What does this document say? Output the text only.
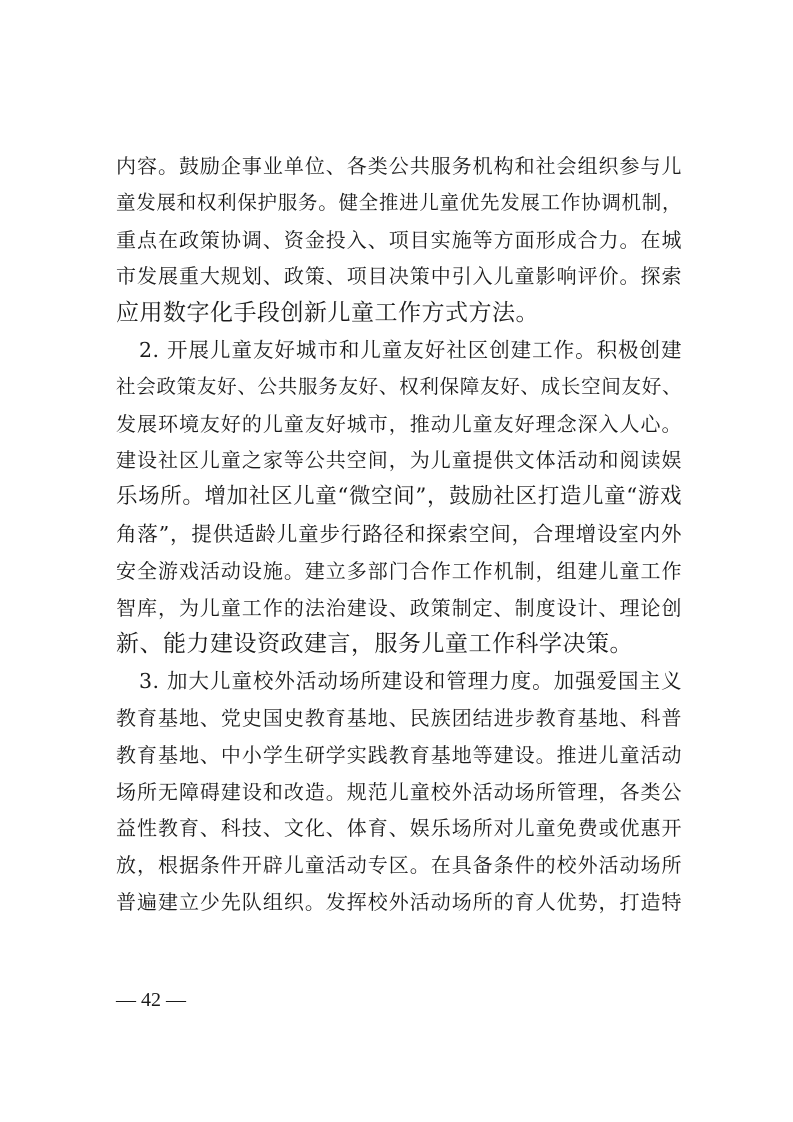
内容。鼓励企事业单位、各类公共服务机构和社会组织参与儿
童发展和权利保护服务。健全推进儿童优先发展工作协调机制，
重点在政策协调、资金投入、项目实施等方面形成合力。在城
市发展重大规划、政策、项目决策中引入儿童影响评价。探索
应用数字化手段创新儿童工作方式方法。
2. 开展儿童友好城市和儿童友好社区创建工作。积极创建
社会政策友好、公共服务友好、权利保障友好、成长空间友好、
发展环境友好的儿童友好城市，推动儿童友好理念深入人心。
建设社区儿童之家等公共空间，为儿童提供文体活动和阅读娱
乐场所。增加社区儿童“微空间”，鼓励社区打造儿童“游戏
角落”，提供适龄儿童步行路径和探索空间，合理增设室内外
安全游戏活动设施。建立多部门合作工作机制，组建儿童工作
智库，为儿童工作的法治建设、政策制定、制度设计、理论创
新、能力建设资政建言，服务儿童工作科学决策。
3. 加大儿童校外活动场所建设和管理力度。加强爱国主义
教育基地、党史国史教育基地、民族团结进步教育基地、科普
教育基地、中小学生研学实践教育基地等建设。推进儿童活动
场所无障碍建设和改造。规范儿童校外活动场所管理，各类公
益性教育、科技、文化、体育、娱乐场所对儿童免费或优惠开
放，根据条件开辟儿童活动专区。在具备条件的校外活动场所
普遍建立少先队组织。发挥校外活动场所的育人优势，打造特
— 42 —
